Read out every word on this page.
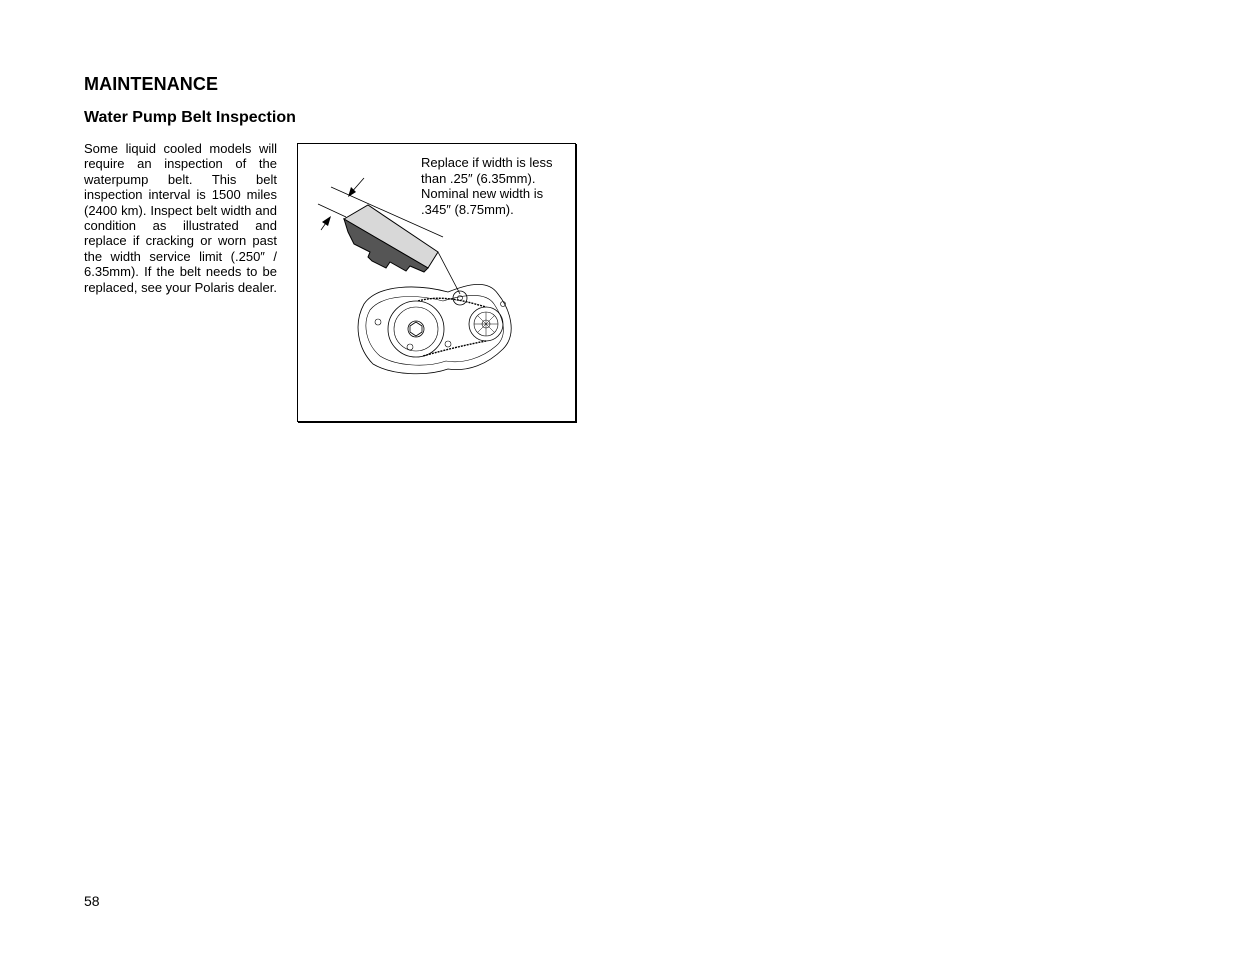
MAINTENANCE
Water Pump Belt Inspection

Some liquid cooled models will require an inspection of the waterpump belt. This belt inspection interval is 1500 miles (2400 km). Inspect belt width and condition as illustrated and replace if cracking or worn past the width service limit (.250″ / 6.35mm). If the belt needs to be replaced, see your Polaris dealer.

Replace if width is less than .25″ (6.35mm). Nominal new width is .345″ (8.75mm).

58
